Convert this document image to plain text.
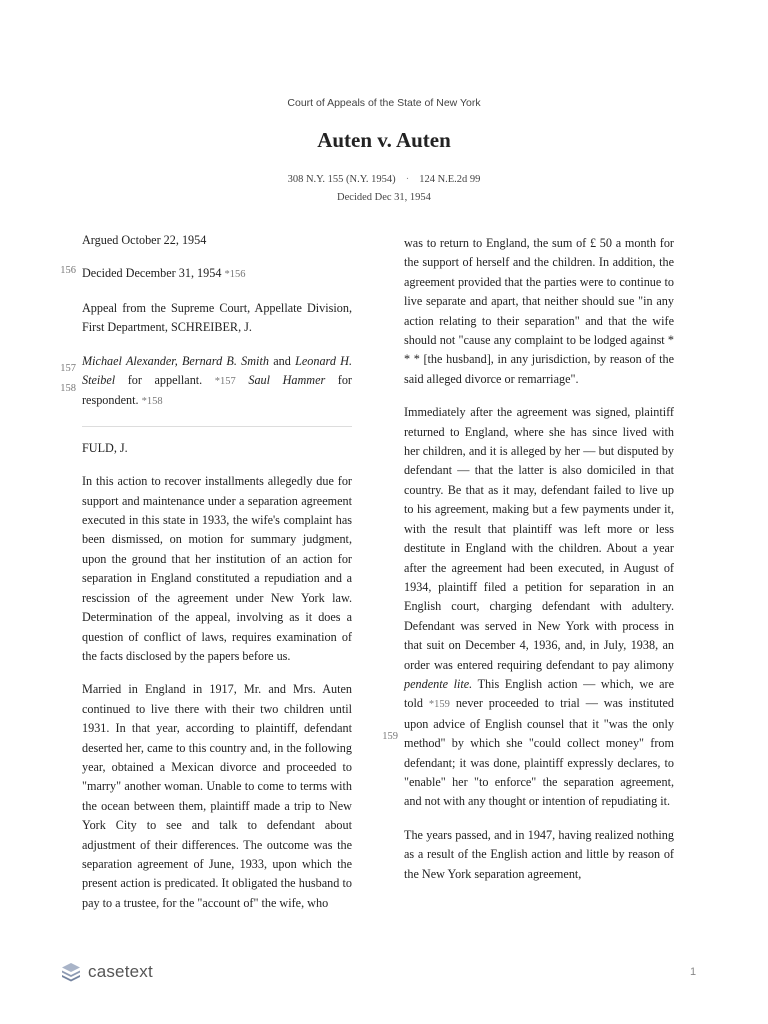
Court of Appeals of the State of New York
Auten v. Auten
308 N.Y. 155 (N.Y. 1954) · 124 N.E.2d 99
Decided Dec 31, 1954
156
157
158
159

Argued October 22, 1954

Decided December 31, 1954 *156

Appeal from the Supreme Court, Appellate Division, First Department, SCHREIBER, J.

Michael Alexander, Bernard B. Smith and Leonard H. Steibel for appellant. *157 Saul Hammer for respondent. *158

FULD, J.

In this action to recover installments allegedly due for support and maintenance under a separation agreement executed in this state in 1933, the wife's complaint has been dismissed, on motion for summary judgment, upon the ground that her institution of an action for separation in England constituted a repudiation and a rescission of the agreement under New York law. Determination of the appeal, involving as it does a question of conflict of laws, requires examination of the facts disclosed by the papers before us.

Married in England in 1917, Mr. and Mrs. Auten continued to live there with their two children until 1931. In that year, according to plaintiff, defendant deserted her, came to this country and, in the following year, obtained a Mexican divorce and proceeded to "marry" another woman. Unable to come to terms with the ocean between them, plaintiff made a trip to New York City to see and talk to defendant about adjustment of their differences. The outcome was the separation agreement of June, 1933, upon which the present action is predicated. It obligated the husband to pay to a trustee, for the "account of" the wife, who

was to return to England, the sum of £ 50 a month for the support of herself and the children. In addition, the agreement provided that the parties were to continue to live separate and apart, that neither should sue "in any action relating to their separation" and that the wife should not "cause any complaint to be lodged against * * * [the husband], in any jurisdiction, by reason of the said alleged divorce or remarriage".

Immediately after the agreement was signed, plaintiff returned to England, where she has since lived with her children, and it is alleged by her — but disputed by defendant — that the latter is also domiciled in that country. Be that as it may, defendant failed to live up to his agreement, making but a few payments under it, with the result that plaintiff was left more or less destitute in England with the children. About a year after the agreement had been executed, in August of 1934, plaintiff filed a petition for separation in an English court, charging defendant with adultery. Defendant was served in New York with process in that suit on December 4, 1936, and, in July, 1938, an order was entered requiring defendant to pay alimony pendente lite. This English action — which, we are told *159 never proceeded to trial — was instituted upon advice of English counsel that it "was the only method" by which she "could collect money" from defendant; it was done, plaintiff expressly declares, to "enable" her "to enforce" the separation agreement, and not with any thought or intention of repudiating it.

The years passed, and in 1947, having realized nothing as a result of the English action and little by reason of the New York separation agreement,

casetext	1
